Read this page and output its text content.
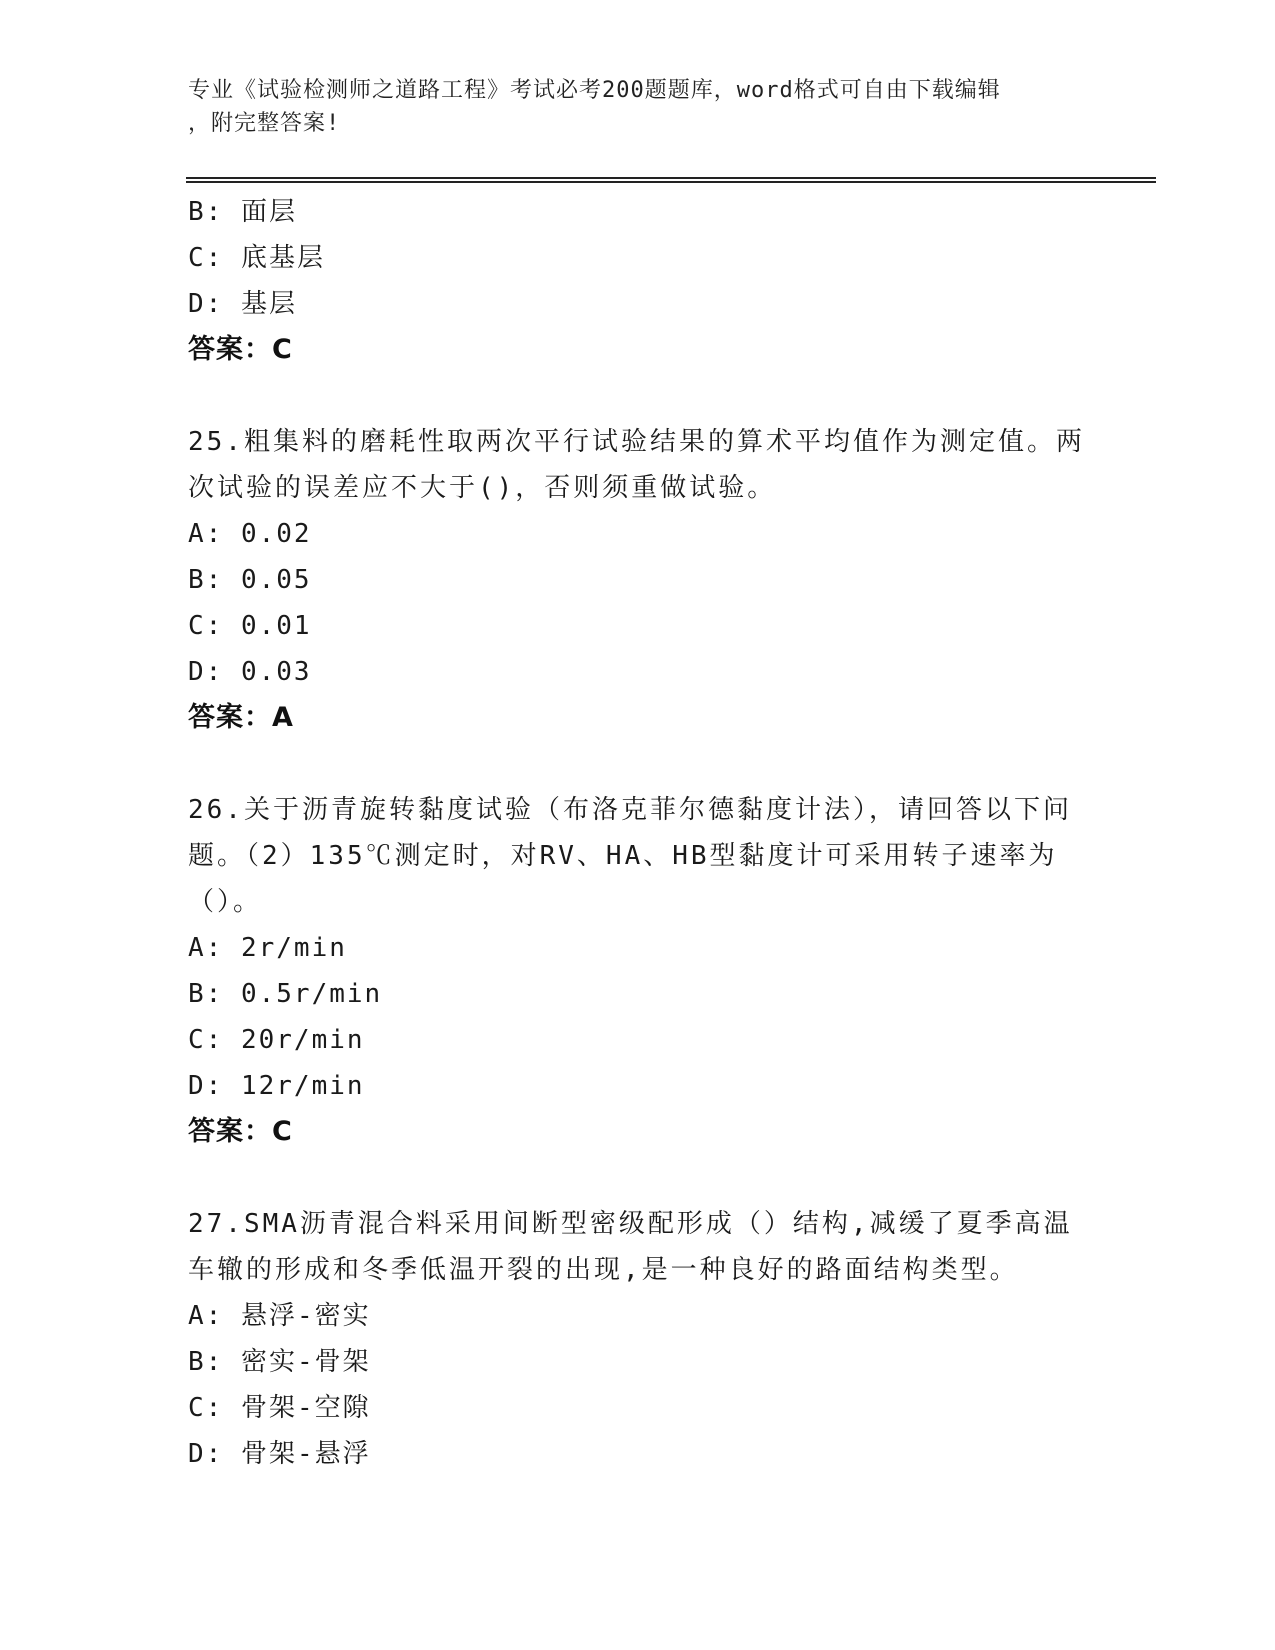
专业《试验检测师之道路工程》考试必考200题题库，word格式可自由下载编辑
，附完整答案!
B: 面层
C: 底基层
D: 基层
答案：C
25.粗集料的磨耗性取两次平行试验结果的算术平均值作为测定值。两次试验的误差应不大于()，否则须重做试验。
A: 0.02
B: 0.05
C: 0.01
D: 0.03
答案：A
26.关于沥青旋转黏度试验（布洛克菲尔德黏度计法），请回答以下问题。（2）135℃测定时，对RV、HA、HB型黏度计可采用转子速率为（）。
A: 2r/min
B: 0.5r/min
C: 20r/min
D: 12r/min
答案：C
27.SMA沥青混合料采用间断型密级配形成（）结构,减缓了夏季高温车辙的形成和冬季低温开裂的出现,是一种良好的路面结构类型。
A: 悬浮-密实
B: 密实-骨架
C: 骨架-空隙
D: 骨架-悬浮
